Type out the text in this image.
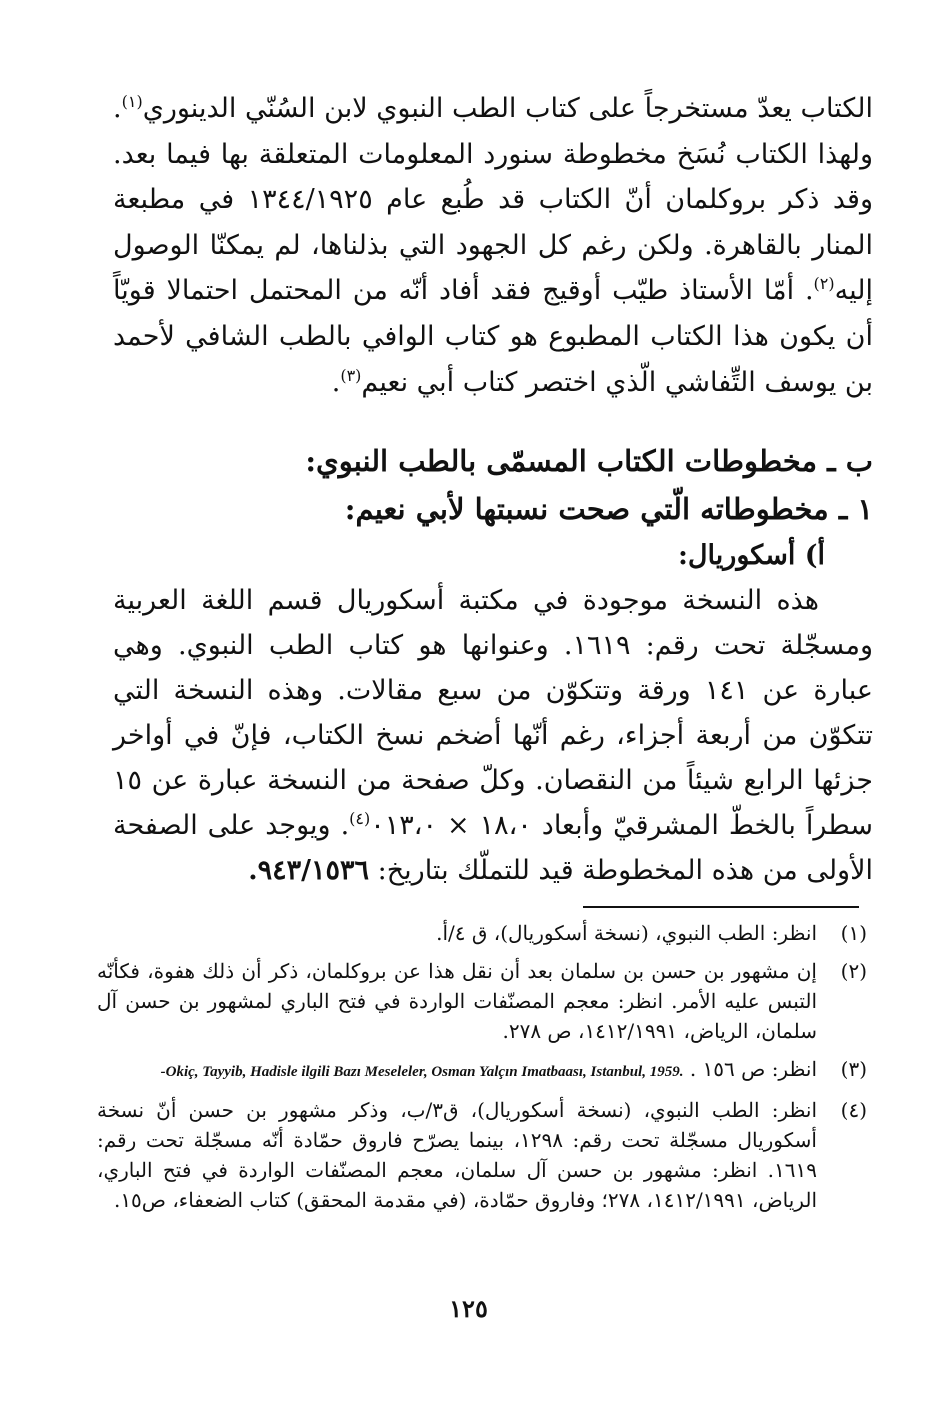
الكتاب يعدّ مستخرجاً على كتاب الطب النبوي لابن السُنّي الدينوري$^{(١)}$. ولهذا الكتاب نُسَخ مخطوطة سنورد المعلومات المتعلقة بها فيما بعد. وقد ذكر بروكلمان أنّ الكتاب قد طُبع عام ١٣٤٤/١٩٢٥ في مطبعة المنار بالقاهرة. ولكن رغم كل الجهود التي بذلناها، لم يمكنّا الوصول إليه$^{(٢)}$. أمّا الأستاذ طيّب أوقيج فقد أفاد أنّه من المحتمل احتمالا قويّاً أن يكون هذا الكتاب المطبوع هو كتاب الوافي بالطب الشافي لأحمد بن يوسف التِّفاشي الّذي اختصر كتاب أبي نعيم$^{(٣)}$.
ب ـ مخطوطات الكتاب المسمّى بالطب النبوي:
١ ـ مخطوطاته الّتي صحت نسبتها لأبي نعيم:
أ) أسكوريال:
هذه النسخة موجودة في مكتبة أسكوريال قسم اللغة العربية ومسجّلة تحت رقم: ١٦١٩. وعنوانها هو كتاب الطب النبوي. وهي عبارة عن ١٤١ ورقة وتتكوّن من سبع مقالات. وهذه النسخة التي تتكوّن من أربعة أجزاء، رغم أنّها أضخم نسخ الكتاب، فإنّ في أواخر جزئها الرابع شيئاً من النقصان. وكلّ صفحة من النسخة عبارة عن ١٥ سطراً بالخطّ المشرقيّ وأبعاد ١٨،٠ × $٠١٣،٠^{(٤)}$. ويوجد على الصفحة الأولى من هذه المخطوطة قيد للتملّك بتاريخ: ٩٤٣/١٥٣٦.
(١)
انظر: الطب النبوي، (نسخة أسكوريال)، ق ٤/أ.
(٢)
إن مشهور بن حسن بن سلمان بعد أن نقل هذا عن بروكلمان، ذكر أن ذلك هفوة، فكأنّه التبس عليه الأمر. انظر: معجم المصنّفات الواردة في فتح الباري لمشهور بن حسن آل سلمان، الرياض، ١٤١٢/١٩٩١، ص ٢٧٨.
(٣)
انظر: ص ١٥٦ . -Okiç, Tayyib, Hadisle ilgili Bazı Meseleler, Osman Yalçın Imatbaası, Istanbul, 1959.
(٤)
انظر: الطب النبوي، (نسخة أسكوريال)، ق٣/ب، وذكر مشهور بن حسن أنّ نسخة أسكوريال مسجّلة تحت رقم: ١٢٩٨، بينما يصرّح فاروق حمّادة أنّه مسجّلة تحت رقم: ١٦١٩. انظر: مشهور بن حسن آل سلمان، معجم المصنّفات الواردة في فتح الباري، الرياض، ١٤١٢/١٩٩١، ٢٧٨؛ وفاروق حمّادة، (في مقدمة المحقق) كتاب الضعفاء، ص١٥.
١٢٥
